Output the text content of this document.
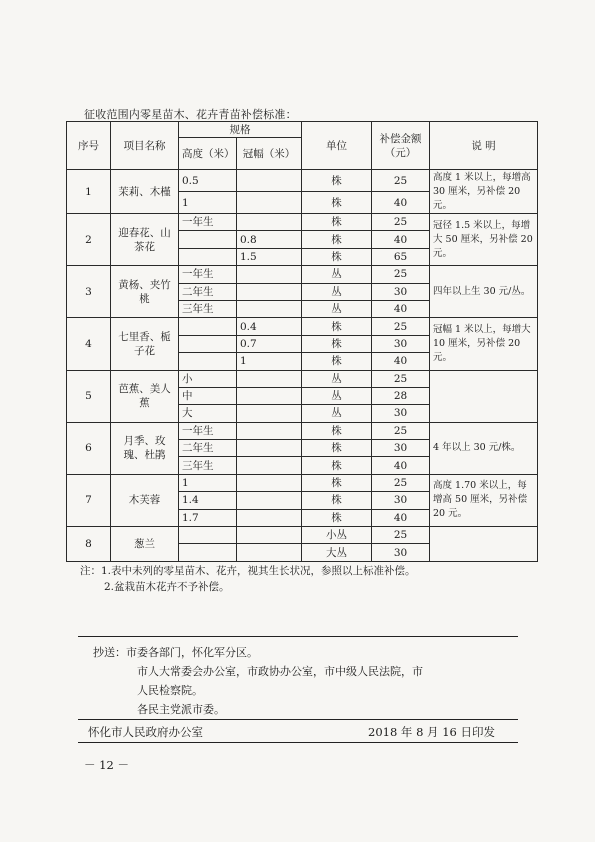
征收范围内零星苗木、花卉青苗补偿标准：
序号	项目名称	规格		单位	补偿金额（元）	说 明
		高度（米）	冠幅（米）			
1	茉莉、木槿	0.5		株	25	高度 1 米以上，每增高30 厘米，另补偿 20 元。
		1		株	40	
2	迎春花、山茶花	一年生		株	25	冠径 1.5 米以上，每增大 50 厘米，另补偿 20 元。
			0.8	株	40	
			1.5	株	65	
3	黄杨、夹竹桃	一年生		丛	25	四年以上生 30 元/丛。
		二年生		丛	30	
		三年生		丛	40	
4	七里香、栀子花		0.4	株	25	冠幅 1 米以上，每增大10 厘米，另补偿 20 元。
			0.7	株	30	
			1	株	40	
5	芭蕉、美人蕉	小		丛	25	
		中		丛	28	
		大		丛	30	
6	月季、玫瑰、杜鹃	一年生		株	25	4 年以上 30 元/株。
		二年生		株	30	
		三年生		株	40	
7	木芙蓉	1		株	25	高度 1.70 米以上，每增高 50 厘米，另补偿 20 元。
		1.4		株	30	
		1.7		株	40	
8	葱兰			小丛	25	
				大丛	30	
注：1.表中未列的零星苗木、花卉，视其生长状况，参照以上标准补偿。
2.盆栽苗木花卉不予补偿。
抄送：市委各部门，怀化军分区。
市人大常委会办公室，市政协办公室，市中级人民法院，市
人民检察院。
各民主党派市委。
怀化市人民政府办公室	2018 年 8 月 16 日印发
－ 12 －
